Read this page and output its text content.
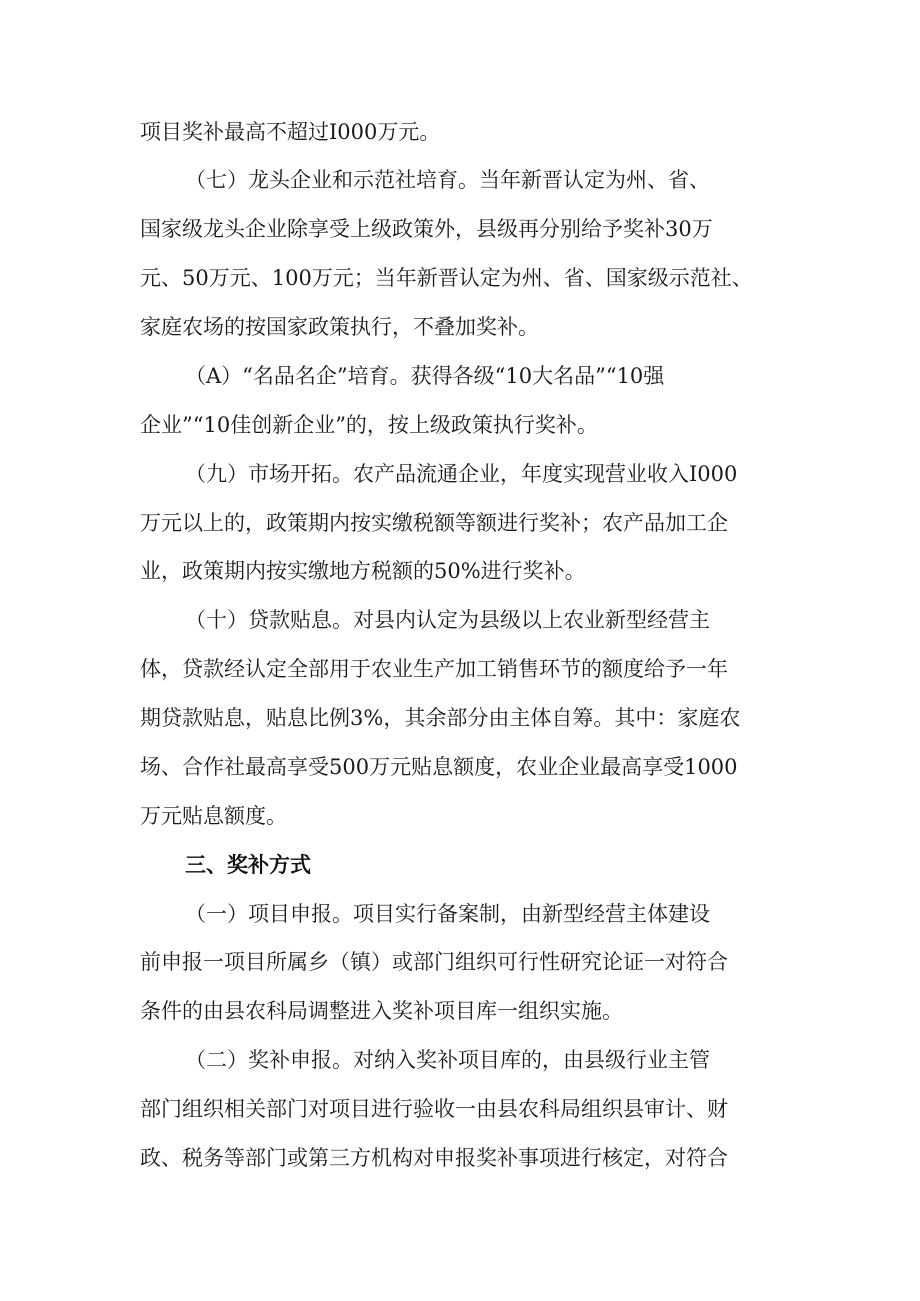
项目奖补最高不超过I000万元。
（七）龙头企业和示范社培育。当年新晋认定为州、省、
国家级龙头企业除享受上级政策外，县级再分别给予奖补30万
元、50万元、100万元；当年新晋认定为州、省、国家级示范社、
家庭农场的按国家政策执行，不叠加奖补。
（A）“名品名企”培育。获得各级“10大名品”“10强
企业”“10佳创新企业”的，按上级政策执行奖补。
（九）市场开拓。农产品流通企业，年度实现营业收入I000
万元以上的，政策期内按实缴税额等额进行奖补；农产品加工企
业，政策期内按实缴地方税额的50%进行奖补。
（十）贷款贴息。对县内认定为县级以上农业新型经营主
体，贷款经认定全部用于农业生产加工销售环节的额度给予一年
期贷款贴息，贴息比例3%，其余部分由主体自筹。其中：家庭农
场、合作社最高享受500万元贴息额度，农业企业最高享受1000
万元贴息额度。
三、奖补方式
（一）项目申报。项目实行备案制，由新型经营主体建设
前申报一项目所属乡（镇）或部门组织可行性研究论证一对符合
条件的由县农科局调整进入奖补项目库一组织实施。
（二）奖补申报。对纳入奖补项目库的，由县级行业主管
部门组织相关部门对项目进行验收一由县农科局组织县审计、财
政、税务等部门或第三方机构对申报奖补事项进行核定，对符合
